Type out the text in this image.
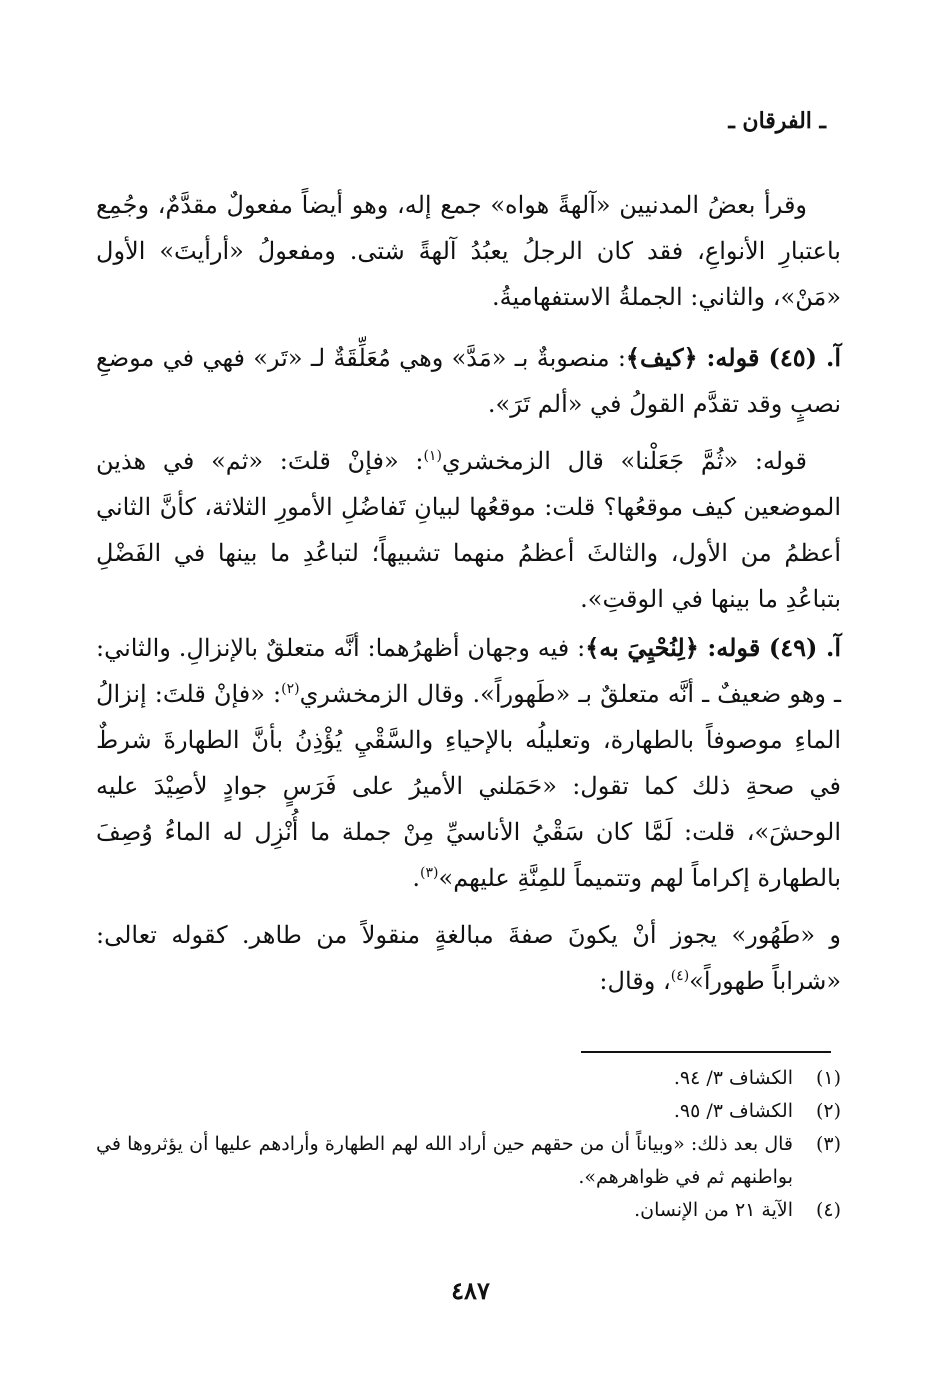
ـ الفرقان ـ
وقرأ بعضُ المدنيين «آلهةً هواه» جمع إله، وهو أيضاً مفعولٌ مقدَّمٌ، وجُمِع باعتبارِ الأنواعِ، فقد كان الرجلُ يعبُدُ آلهةً شتى. ومفعولُ «أرأيتَ» الأول «مَنْ»، والثاني: الجملةُ الاستفهاميةُ.
آ. (٤٥) قوله: ﴿كيف﴾: منصوبةٌ بـ «مَدَّ» وهي مُعَلِّقَةٌ لـ «تَر» فهي في موضعِ نصبٍ وقد تقدَّم القولُ في «ألم تَرَ».
قوله: «ثُمَّ جَعَلْنا» قال الزمخشري$^{(١)}$: «فإنْ قلتَ: «ثم» في هذين الموضعين كيف موقعُها؟ قلت: موقعُها لبيانِ تَفاضُلِ الأمورِ الثلاثة، كأنَّ الثاني أعظمُ من الأول، والثالثَ أعظمُ منهما تشبيهاً؛ لتباعُدِ ما بينها في الفَضْلِ بتباعُدِ ما بينها في الوقتِ».
آ. (٤٩) قوله: ﴿لِنُحْيِيَ به﴾: فيه وجهان أظهرُهما: أنَّه متعلقٌ بالإنزالِ. والثاني: ـ وهو ضعيفٌ ـ أنَّه متعلقٌ بـ «طَهوراً». وقال الزمخشري$^{(٢)}$: «فإنْ قلتَ: إنزالُ الماءِ موصوفاً بالطهارة، وتعليلُه بالإحياءِ والسَّقْيِ يُؤْذِنُ بأنَّ الطهارةَ شرطٌ في صحةِ ذلك كما تقول: «حَمَلني الأميرُ على فَرَسٍ جوادٍ لأصِيْدَ عليه الوحشَ»، قلت: لَمَّا كان سَقْيُ الأناسيِّ مِنْ جملة ما أُنْزِل له الماءُ وُصِفَ بالطهارة إكراماً لهم وتتميماً للمِنَّةِ عليهم»$^{(٣)}$.
و «طَهُور» يجوز أنْ يكونَ صفةَ مبالغةٍ منقولاً من طاهر. كقوله تعالى: «شراباً طهوراً»$^{(٤)}$، وقال:
(١)
الكشاف ٣/ ٩٤.
(٢)
الكشاف ٣/ ٩٥.
(٣)
قال بعد ذلك: «وبياناً أن من حقهم حين أراد الله لهم الطهارة وأرادهم عليها أن يؤثروها في بواطنهم ثم في ظواهرهم».
(٤)
الآية ٢١ من الإنسان.
٤٨٧
